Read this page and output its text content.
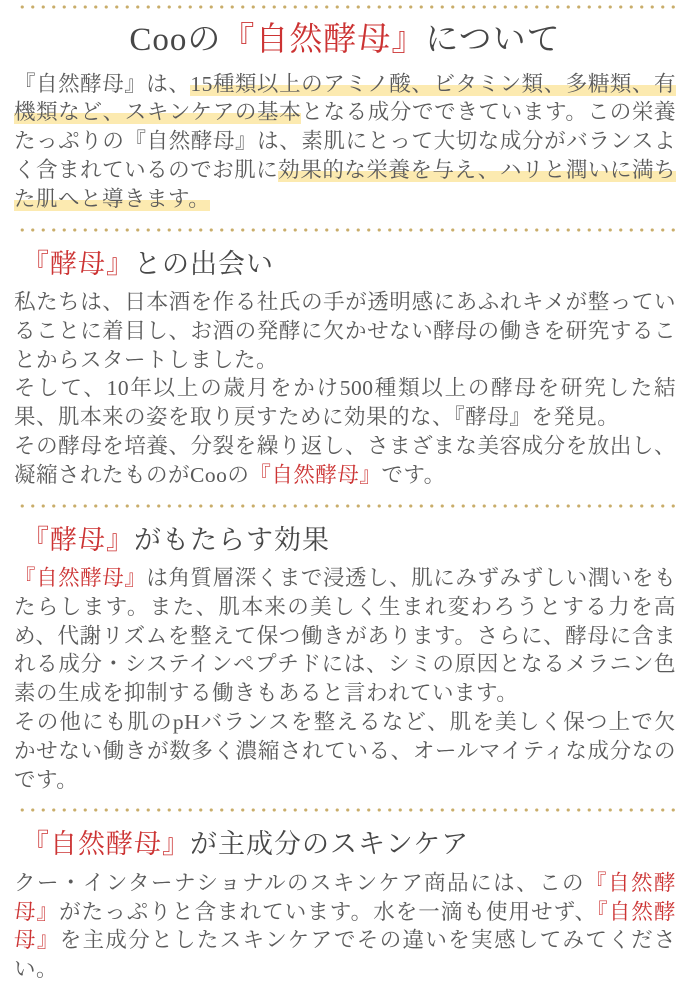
Cooの『自然酵母』について

『自然酵母』は、15種類以上のアミノ酸、ビタミン類、多糖類、有機類など、スキンケアの基本となる成分でできています。この栄養たっぷりの『自然酵母』は、素肌にとって大切な成分がバランスよく含まれているのでお肌に効果的な栄養を与え、ハリと潤いに満ちた肌へと導きます。

『酵母』との出会い

私たちは、日本酒を作る社氏の手が透明感にあふれキメが整っていることに着目し、お酒の発酵に欠かせない酵母の働きを研究することからスタートしました。
そして、10年以上の歳月をかけ500種類以上の酵母を研究した結果、肌本来の姿を取り戻すために効果的な、『酵母』を発見。
その酵母を培養、分裂を繰り返し、さまざまな美容成分を放出し、凝縮されたものがCooの『自然酵母』です。

『酵母』がもたらす効果

『自然酵母』は角質層深くまで浸透し、肌にみずみずしい潤いをもたらします。また、肌本来の美しく生まれ変わろうとする力を高め、代謝リズムを整えて保つ働きがあります。さらに、酵母に含まれる成分・システインペプチドには、シミの原因となるメラニン色素の生成を抑制する働きもあると言われています。
その他にも肌のpHバランスを整えるなど、肌を美しく保つ上で欠かせない働きが数多く濃縮されている、オールマイティな成分なのです。

『自然酵母』が主成分のスキンケア

クー・インターナショナルのスキンケア商品には、この『自然酵母』がたっぷりと含まれています。水を一滴も使用せず、『自然酵母』を主成分としたスキンケアでその違いを実感してみてください。
